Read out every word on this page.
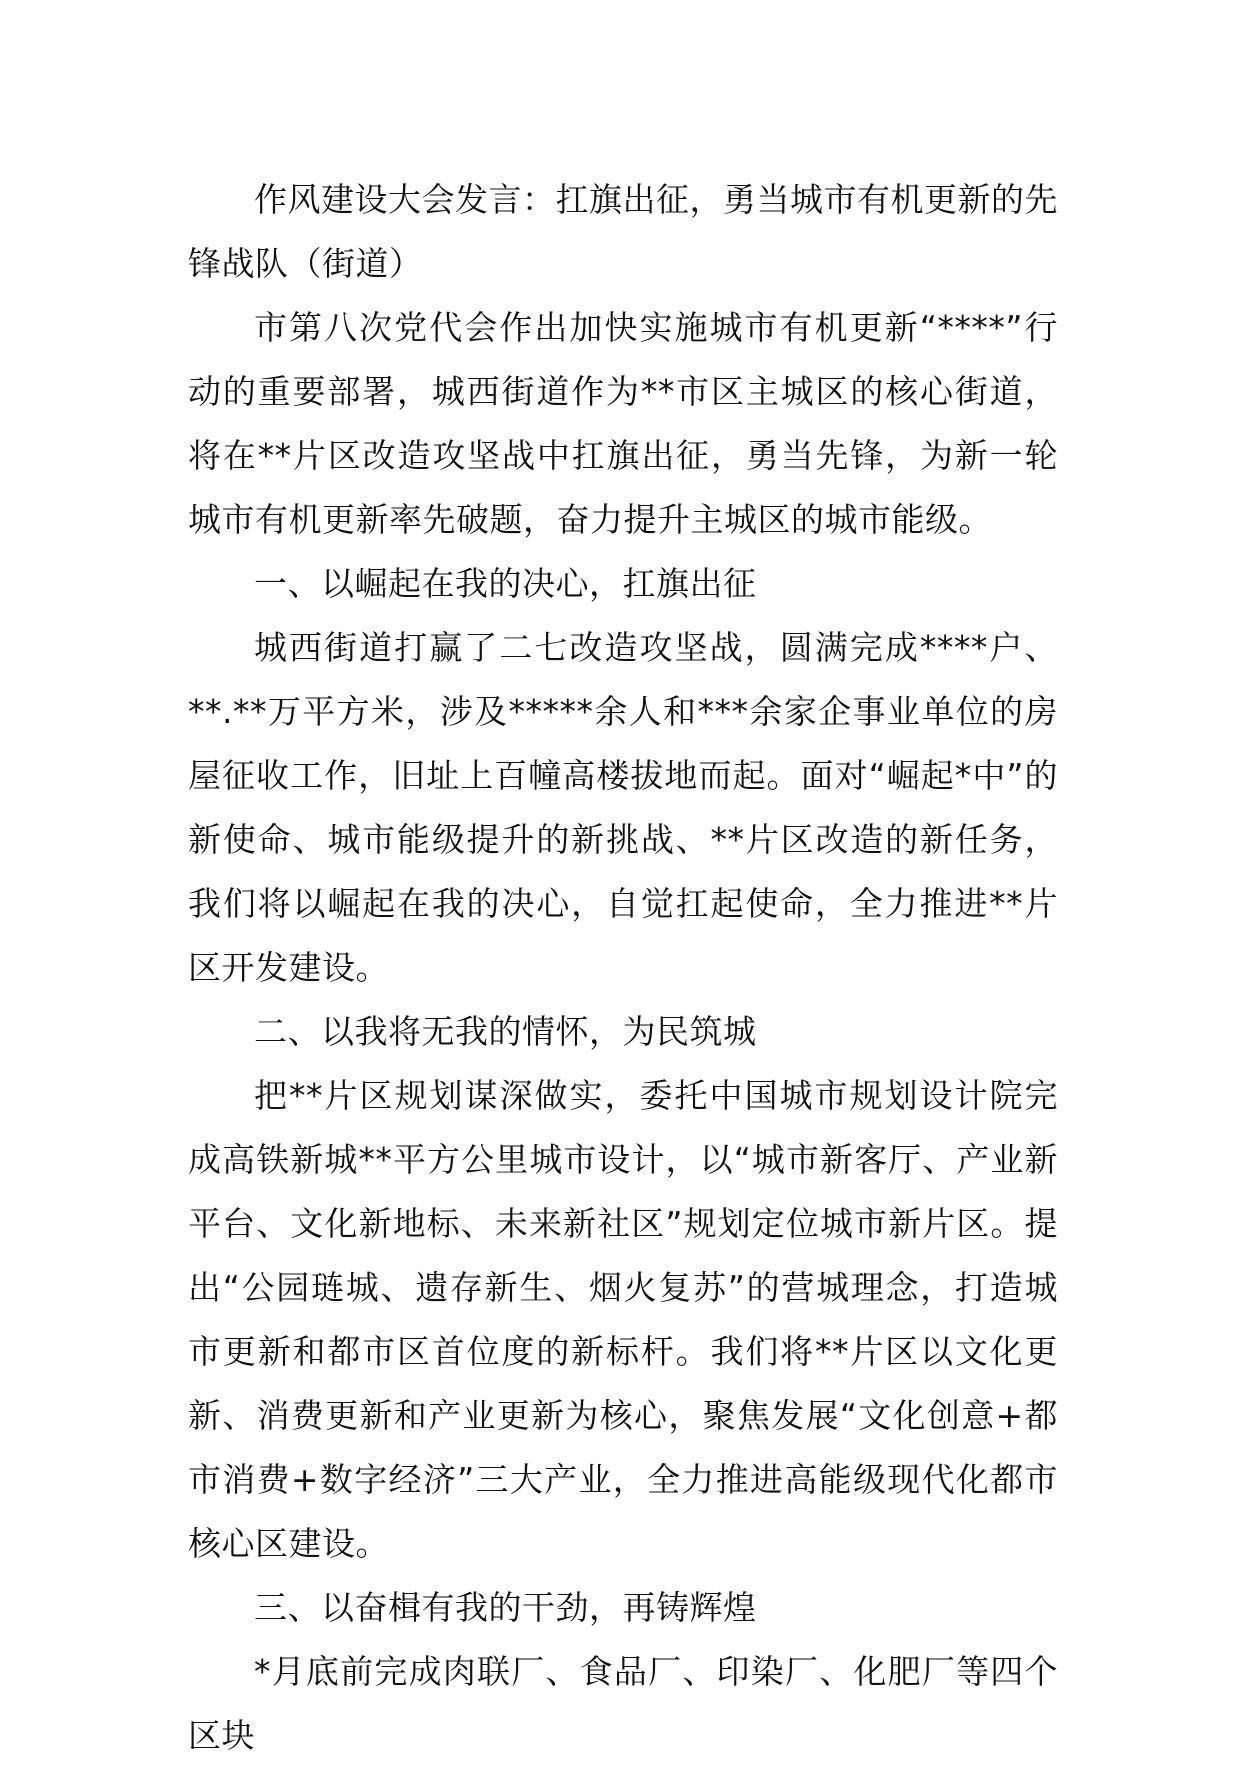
作风建设大会发言：扛旗出征，勇当城市有机更新的先锋战队（街道）

市第八次党代会作出加快实施城市有机更新“****”行动的重要部署，城西街道作为**市区主城区的核心街道，将在**片区改造攻坚战中扛旗出征，勇当先锋，为新一轮城市有机更新率先破题，奋力提升主城区的城市能级。

一、以崛起在我的决心，扛旗出征

城西街道打赢了二七改造攻坚战，圆满完成****户、**.**万平方米，涉及*****余人和***余家企事业单位的房屋征收工作，旧址上百幢高楼拔地而起。面对“崛起*中”的新使命、城市能级提升的新挑战、**片区改造的新任务，我们将以崛起在我的决心，自觉扛起使命，全力推进**片区开发建设。

二、以我将无我的情怀，为民筑城

把**片区规划谋深做实，委托中国城市规划设计院完成高铁新城**平方公里城市设计，以“城市新客厅、产业新平台、文化新地标、未来新社区”规划定位城市新片区。提出“公园琏城、遗存新生、烟火复苏”的营城理念，打造城市更新和都市区首位度的新标杆。我们将**片区以文化更新、消费更新和产业更新为核心，聚焦发展“文化创意+都市消费+数字经济”三大产业，全力推进高能级现代化都市核心区建设。

三、以奋楫有我的干劲，再铸辉煌

*月底前完成肉联厂、食品厂、印染厂、化肥厂等四个区块
